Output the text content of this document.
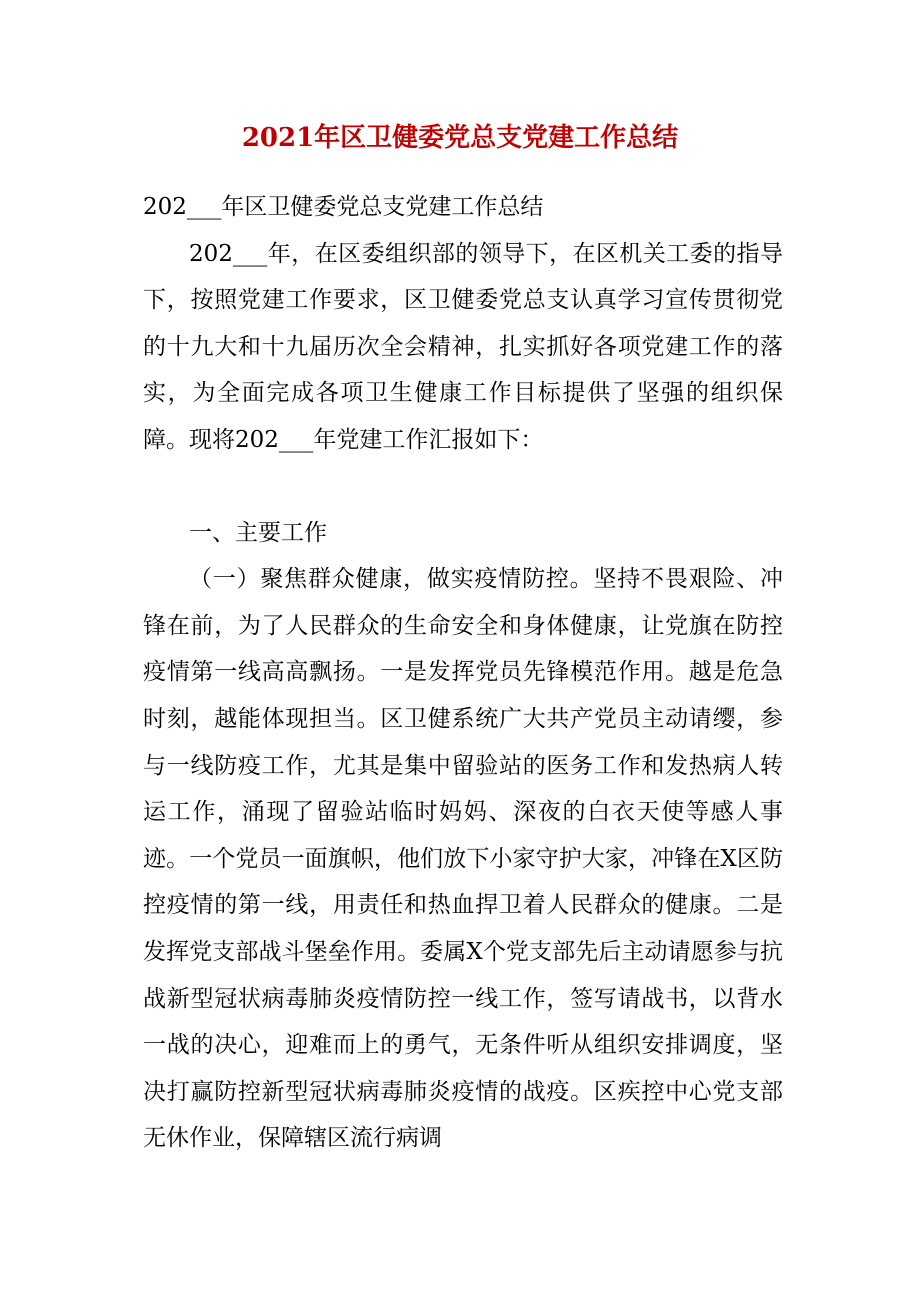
2021年区卫健委党总支党建工作总结

202___年区卫健委党总支党建工作总结

202___年，在区委组织部的领导下，在区机关工委的指导下，按照党建工作要求，区卫健委党总支认真学习宣传贯彻党的十九大和十九届历次全会精神，扎实抓好各项党建工作的落实，为全面完成各项卫生健康工作目标提供了坚强的组织保障。现将202___年党建工作汇报如下：

一、主要工作

（一）聚焦群众健康，做实疫情防控。坚持不畏艰险、冲锋在前，为了人民群众的生命安全和身体健康，让党旗在防控疫情第一线高高飘扬。一是发挥党员先锋模范作用。越是危急时刻，越能体现担当。区卫健系统广大共产党员主动请缨，参与一线防疫工作，尤其是集中留验站的医务工作和发热病人转运工作，涌现了留验站临时妈妈、深夜的白衣天使等感人事迹。一个党员一面旗帜，他们放下小家守护大家，冲锋在X区防控疫情的第一线，用责任和热血捍卫着人民群众的健康。二是发挥党支部战斗堡垒作用。委属X个党支部先后主动请愿参与抗战新型冠状病毒肺炎疫情防控一线工作，签写请战书，以背水一战的决心，迎难而上的勇气，无条件听从组织安排调度，坚决打赢防控新型冠状病毒肺炎疫情的战疫。区疾控中心党支部无休作业，保障辖区流行病调
